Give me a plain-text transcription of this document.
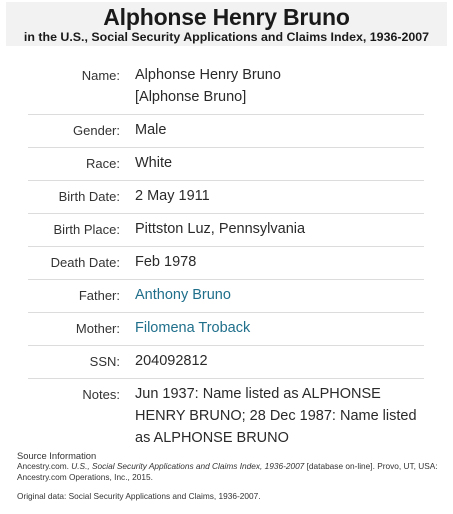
Alphonse Henry Bruno
in the U.S., Social Security Applications and Claims Index, 1936-2007
Name: Alphonse Henry Bruno
[Alphonse Bruno]
Gender: Male
Race: White
Birth Date: 2 May 1911
Birth Place: Pittston Luz, Pennsylvania
Death Date: Feb 1978
Father: Anthony Bruno
Mother: Filomena Troback
SSN: 204092812
Notes: Jun 1937: Name listed as ALPHONSE HENRY BRUNO; 28 Dec 1987: Name listed as ALPHONSE BRUNO
Source Information
Ancestry.com. U.S., Social Security Applications and Claims Index, 1936-2007 [database on-line]. Provo, UT, USA: Ancestry.com Operations, Inc., 2015.
Original data: Social Security Applications and Claims, 1936-2007.
